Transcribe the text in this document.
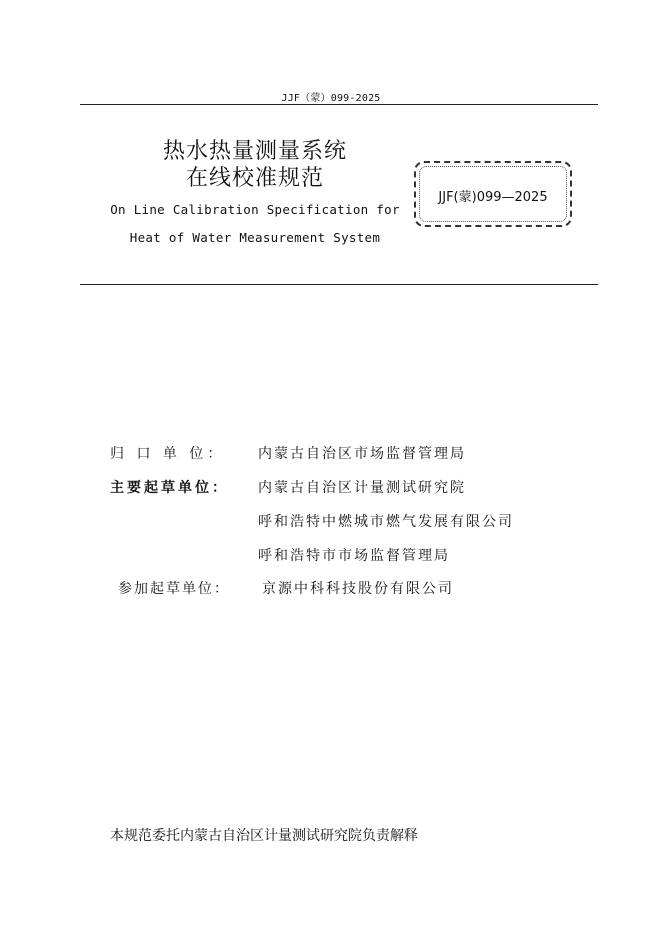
JJF（蒙）099-2025
热水热量测量系统
在线校准规范
On Line Calibration Specification for
Heat of Water Measurement System
JJF(蒙)099—2025
归 口 单 位：	内蒙古自治区市场监督管理局
主要起草单位：	内蒙古自治区计量测试研究院
呼和浩特中燃城市燃气发展有限公司
呼和浩特市市场监督管理局
参加起草单位：	京源中科科技股份有限公司
本规范委托内蒙古自治区计量测试研究院负责解释
